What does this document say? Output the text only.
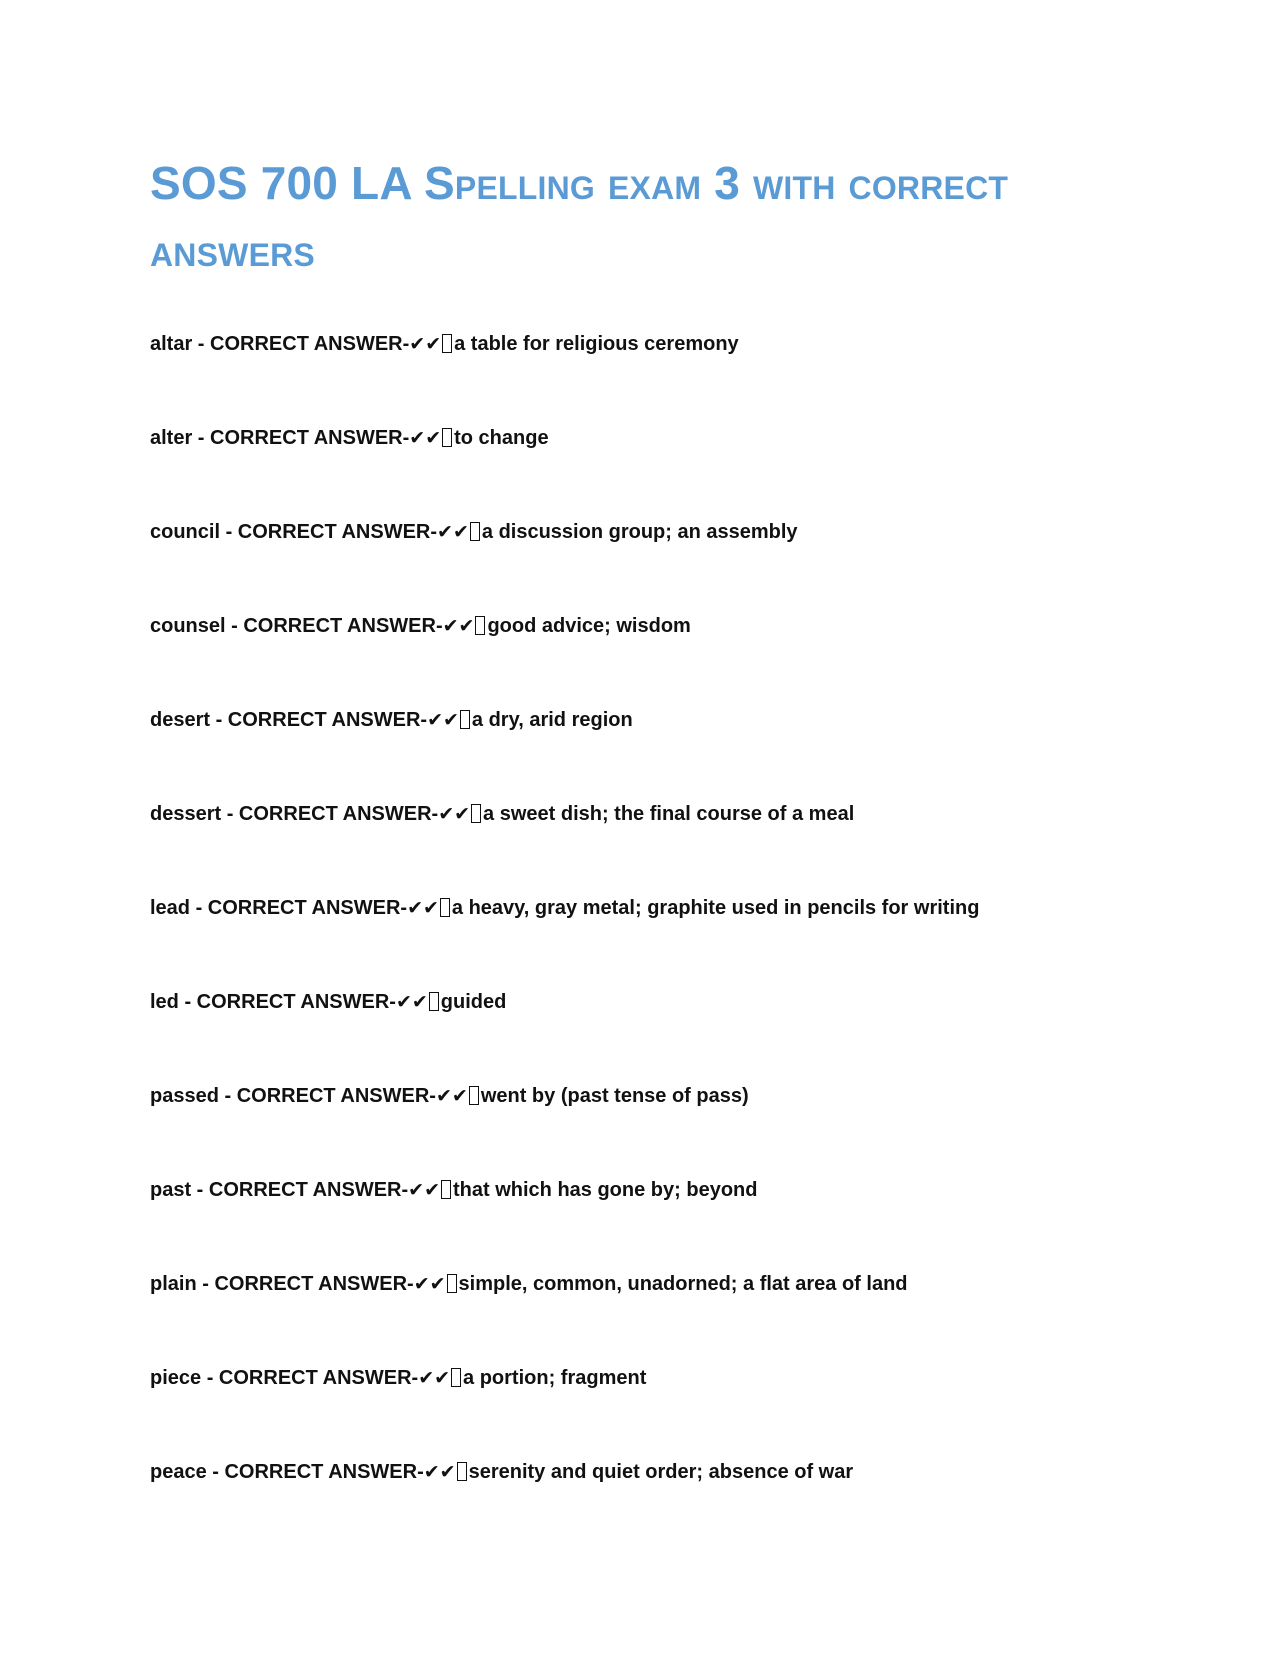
SOS 700 LA Spelling exam 3 with correct answers
altar - CORRECT ANSWER-✔✔ a table for religious ceremony
alter - CORRECT ANSWER-✔✔ to change
council - CORRECT ANSWER-✔✔ a discussion group; an assembly
counsel - CORRECT ANSWER-✔✔ good advice; wisdom
desert - CORRECT ANSWER-✔✔ a dry, arid region
dessert - CORRECT ANSWER-✔✔ a sweet dish; the final course of a meal
lead - CORRECT ANSWER-✔✔ a heavy, gray metal; graphite used in pencils for writing
led - CORRECT ANSWER-✔✔ guided
passed - CORRECT ANSWER-✔✔ went by (past tense of pass)
past - CORRECT ANSWER-✔✔ that which has gone by; beyond
plain - CORRECT ANSWER-✔✔ simple, common, unadorned; a flat area of land
piece - CORRECT ANSWER-✔✔ a portion; fragment
peace - CORRECT ANSWER-✔✔ serenity and quiet order; absence of war
